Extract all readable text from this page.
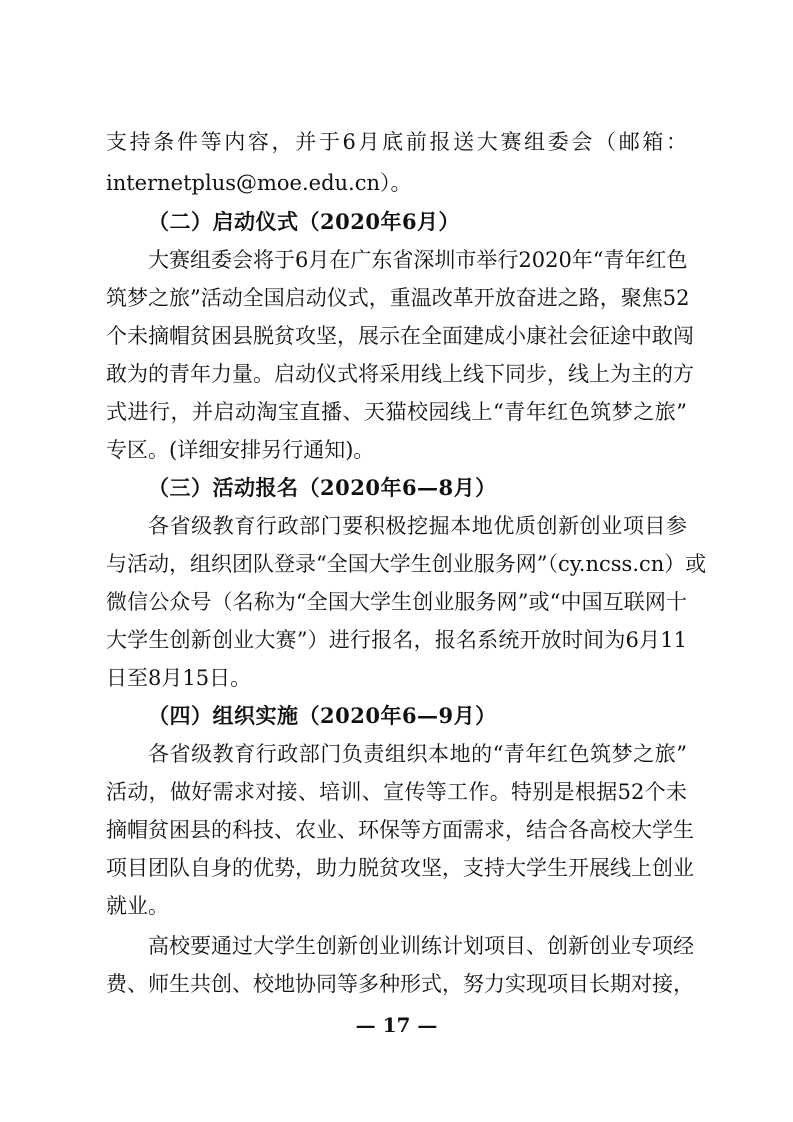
支持条件等内容，并于6月底前报送大赛组委会（邮箱：
internetplus@moe.edu.cn）。
（二）启动仪式（2020年6月）
大赛组委会将于6月在广东省深圳市举行2020年“青年红色
筑梦之旅”活动全国启动仪式，重温改革开放奋进之路，聚焦52
个未摘帽贫困县脱贫攻坚，展示在全面建成小康社会征途中敢闯
敢为的青年力量。启动仪式将采用线上线下同步，线上为主的方
式进行，并启动淘宝直播、天猫校园线上“青年红色筑梦之旅”
专区。(详细安排另行通知)。
（三）活动报名（2020年6—8月）
各省级教育行政部门要积极挖掘本地优质创新创业项目参
与活动，组织团队登录“全国大学生创业服务网”（cy.ncss.cn）或
微信公众号（名称为“全国大学生创业服务网”或“中国互联网十
大学生创新创业大赛”）进行报名，报名系统开放时间为6月11
日至8月15日。
（四）组织实施（2020年6—9月）
各省级教育行政部门负责组织本地的“青年红色筑梦之旅”
活动，做好需求对接、培训、宣传等工作。特别是根据52个未
摘帽贫困县的科技、农业、环保等方面需求，结合各高校大学生
项目团队自身的优势，助力脱贫攻坚，支持大学生开展线上创业
就业。
高校要通过大学生创新创业训练计划项目、创新创业专项经
费、师生共创、校地协同等多种形式，努力实现项目长期对接，
— 17 —
